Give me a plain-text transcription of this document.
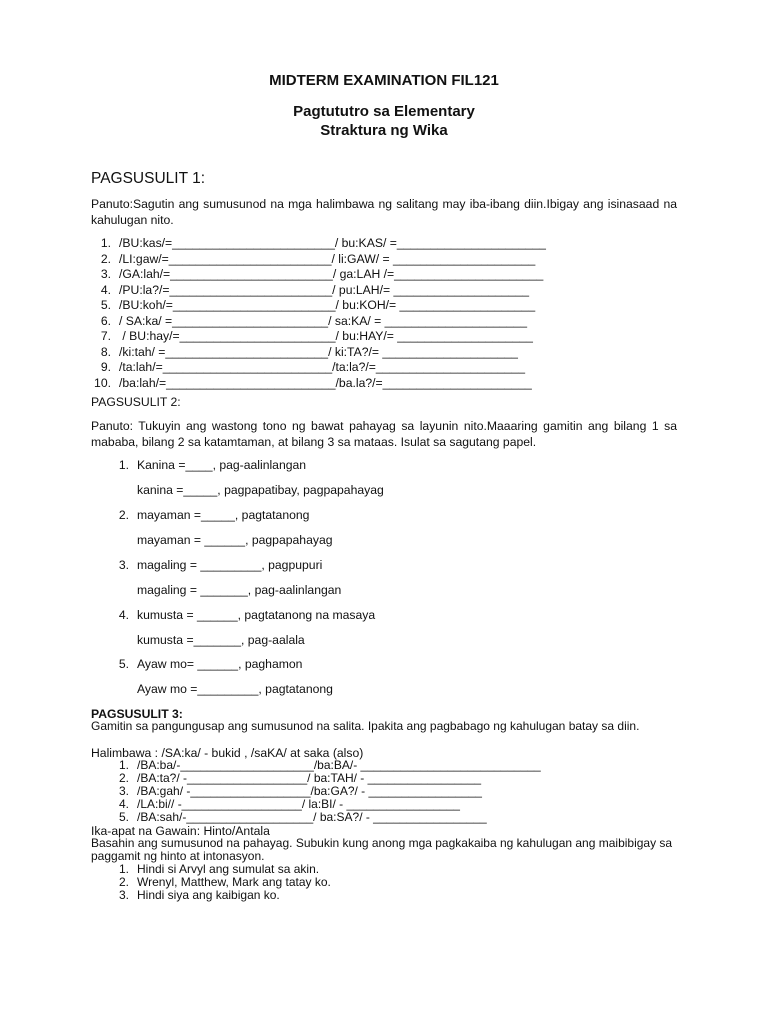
MIDTERM EXAMINATION FIL121
Pagtututro sa Elementary
Straktura ng Wika
PAGSUSULIT 1:
Panuto:Sagutin ang sumusunod na mga halimbawa ng salitang may iba-ibang diin.Ibigay ang isinasaad na kahulugan nito.
1. /BU:kas/=________________________/ bu:KAS/ =______________________
2. /LI:gaw/=________________________/ li:GAW/ = _____________________
3. /GA:lah/=________________________/ ga:LAH /=______________________
4. /PU:la?/=________________________/ pu:LAH/= ____________________
5. /BU:koh/=________________________/ bu:KOH/= ____________________
6. / SA:ka/ =_______________________/ sa:KA/ = _____________________
7. / BU:hay/=_______________________/ bu:HAY/= ____________________
8. /ki:tah/ =________________________/ ki:TA?/= ____________________
9. /ta:lah/=_________________________/ta:la?/=______________________
10. /ba:lah/=_________________________/ba.la?/=______________________
PAGSUSULIT 2:
Panuto: Tukuyin ang wastong tono ng bawat pahayag sa layunin nito.Maaaring gamitin ang bilang 1 sa mababa, bilang 2 sa katamtaman, at bilang 3 sa mataas. Isulat sa sagutang papel.
1. Kanina =____, pag-aalinlangan
kanina =_____, pagpapatibay, pagpapahayag
2. mayaman =_____, pagtatanong
mayaman = ______, pagpapahayag
3. magaling = _________, pagpupuri
magaling = _______, pag-aalinlangan
4. kumusta = ______, pagtatanong na masaya
kumusta =_______, pag-aalala
5. Ayaw mo= ______, paghamon
Ayaw mo =_________, pagtatanong
PAGSUSULIT 3:
Gamitin sa pangungusap ang sumusunod na salita. Ipakita ang pagbabago ng kahulugan batay sa diin.
Halimbawa : /SA:ka/ - bukid , /saKA/ at saka (also)
1. /BA:ba/-____________________/ba:BA/- ___________________________
2. /BA:ta?/ -__________________/ ba:TAH/ - _________________
3. /BA:gah/ -__________________/ba:GA?/ - _________________
4. /LA:bi// -__________________/ la:BI/ - _________________
5. /BA:sah/-___________________/ ba:SA?/ - _________________
Ika-apat na Gawain: Hinto/Antala
Basahin ang sumusunod na pahayag. Subukin kung anong mga pagkakaiba ng kahulugan ang maibibigay sa paggamit ng hinto at intonasyon.
1. Hindi si Arvyl ang sumulat sa akin.
2. Wrenyl, Matthew, Mark ang tatay ko.
3. Hindi siya ang kaibigan ko.
